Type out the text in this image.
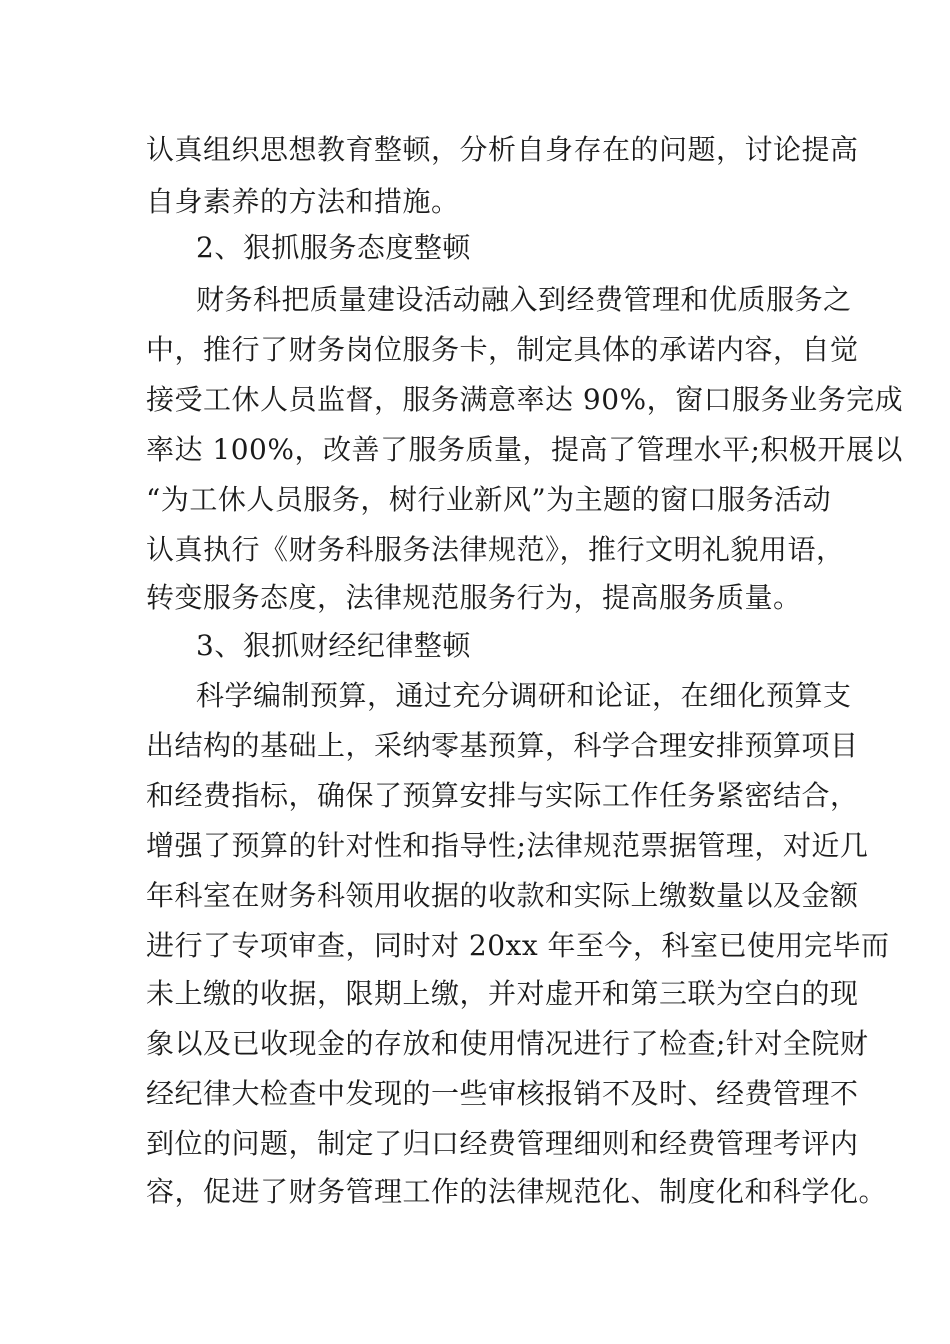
认真组织思想教育整顿，分析自身存在的问题，讨论提高
自身素养的方法和措施。
2、狠抓服务态度整顿
财务科把质量建设活动融入到经费管理和优质服务之
中，推行了财务岗位服务卡，制定具体的承诺内容，自觉
接受工休人员监督，服务满意率达 90%，窗口服务业务完成
率达 100%，改善了服务质量，提高了管理水平;积极开展以
“为工休人员服务，树行业新风”为主题的窗口服务活动
认真执行《财务科服务法律规范》，推行文明礼貌用语，
转变服务态度，法律规范服务行为，提高服务质量。
3、狠抓财经纪律整顿
科学编制预算，通过充分调研和论证，在细化预算支
出结构的基础上，采纳零基预算，科学合理安排预算项目
和经费指标，确保了预算安排与实际工作任务紧密结合，
增强了预算的针对性和指导性;法律规范票据管理，对近几
年科室在财务科领用收据的收款和实际上缴数量以及金额
进行了专项审查，同时对 20xx 年至今，科室已使用完毕而
未上缴的收据，限期上缴，并对虚开和第三联为空白的现
象以及已收现金的存放和使用情况进行了检查;针对全院财
经纪律大检查中发现的一些审核报销不及时、经费管理不
到位的问题，制定了归口经费管理细则和经费管理考评内
容，促进了财务管理工作的法律规范化、制度化和科学化。
